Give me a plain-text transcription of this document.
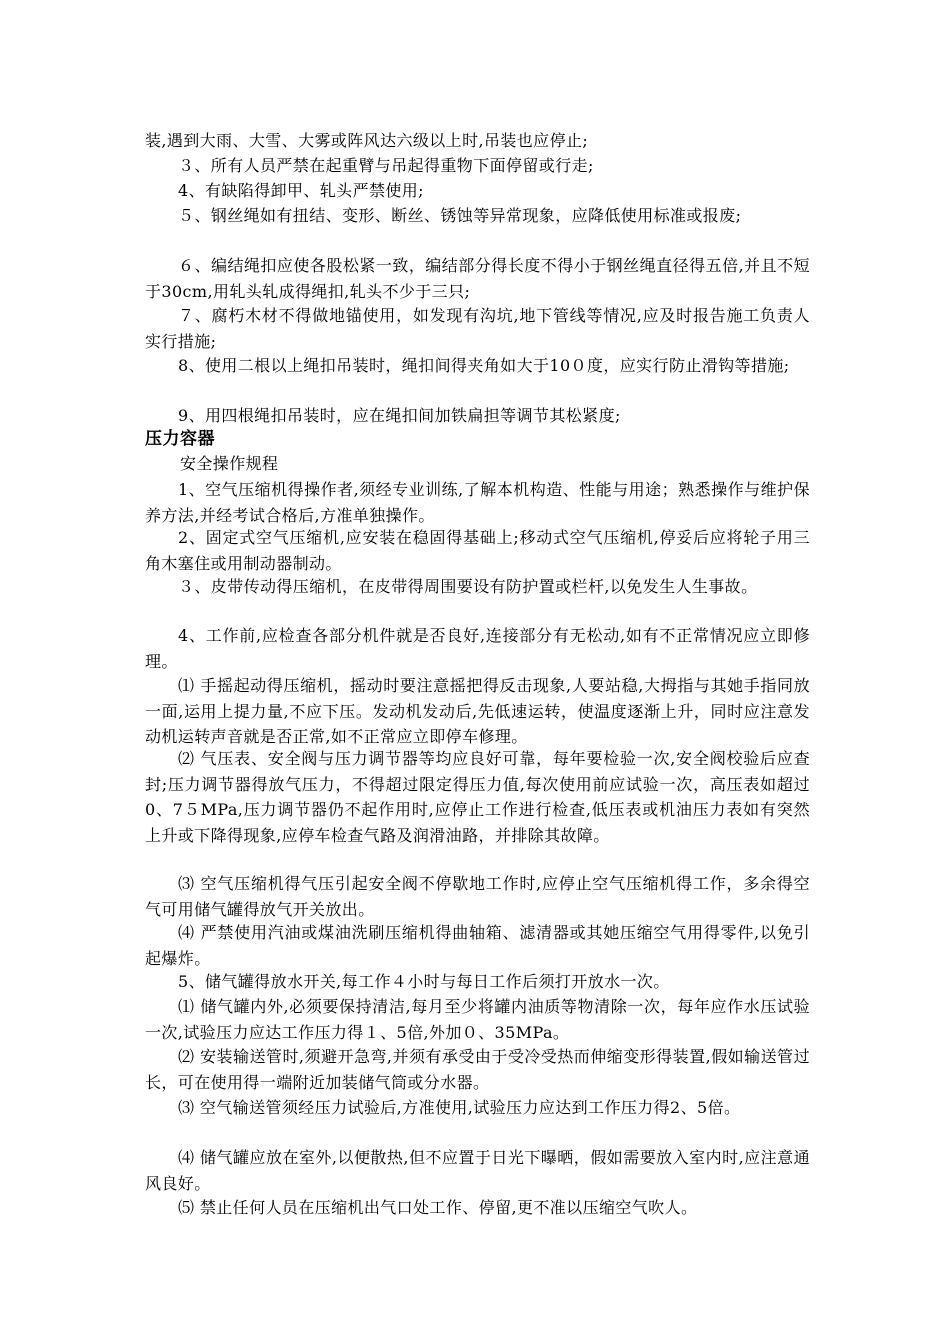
装,遇到大雨、大雪、大雾或阵风达六级以上时,吊装也应停止;
３、所有人员严禁在起重臂与吊起得重物下面停留或行走;
4、有缺陷得卸甲、轧头严禁使用;
５、钢丝绳如有扭结、变形、断丝、锈蚀等异常现象，应降低使用标准或报废;
６、编结绳扣应使各股松紧一致，编结部分得长度不得小于钢丝绳直径得五倍,并且不短于30cm,用轧头轧成得绳扣,轧头不少于三只;
７、腐朽木材不得做地锚使用，如发现有沟坑,地下管线等情况,应及时报告施工负责人实行措施;
8、使用二根以上绳扣吊装时，绳扣间得夹角如大于10０度，应实行防止滑钩等措施;
9、用四根绳扣吊装时，应在绳扣间加铁扁担等调节其松紧度;
压力容器
安全操作规程
1、空气压缩机得操作者,须经专业训练,了解本机构造、性能与用途；熟悉操作与维护保养方法,并经考试合格后,方准单独操作。
2、固定式空气压缩机,应安装在稳固得基础上;移动式空气压缩机,停妥后应将轮子用三角木塞住或用制动器制动。
３、皮带传动得压缩机，在皮带得周围要设有防护置或栏杆,以免发生人生事故。
4、工作前,应检查各部分机件就是否良好,连接部分有无松动,如有不正常情况应立即修理。
⑴ 手摇起动得压缩机，摇动时要注意摇把得反击现象,人要站稳,大拇指与其她手指同放一面,运用上提力量,不应下压。发动机发动后,先低速运转，使温度逐渐上升，同时应注意发动机运转声音就是否正常,如不正常应立即停车修理。
⑵ 气压表、安全阀与压力调节器等均应良好可靠，每年要检验一次,安全阀校验后应查封;压力调节器得放气压力，不得超过限定得压力值,每次使用前应试验一次，高压表如超过0、7５MPa,压力调节器仍不起作用时,应停止工作进行检查,低压表或机油压力表如有突然上升或下降得现象,应停车检查气路及润滑油路，并排除其故障。
⑶ 空气压缩机得气压引起安全阀不停歇地工作时,应停止空气压缩机得工作，多余得空气可用储气罐得放气开关放出。
⑷ 严禁使用汽油或煤油洗刷压缩机得曲轴箱、滤清器或其她压缩空气用得零件,以免引起爆炸。
5、储气罐得放水开关,每工作４小时与每日工作后须打开放水一次。
⑴ 储气罐内外,必须要保持清洁,每月至少将罐内油质等物清除一次，每年应作水压试验一次,试验压力应达工作压力得１、5倍,外加０、35MPa。
⑵ 安装输送管时,须避开急弯,并须有承受由于受冷受热而伸缩变形得装置,假如输送管过长，可在使用得一端附近加装储气筒或分水器。
⑶ 空气输送管须经压力试验后,方准使用,试验压力应达到工作压力得2、5倍。
⑷ 储气罐应放在室外,以便散热,但不应置于日光下曝晒，假如需要放入室内时,应注意通风良好。
⑸ 禁止任何人员在压缩机出气口处工作、停留,更不准以压缩空气吹人。
